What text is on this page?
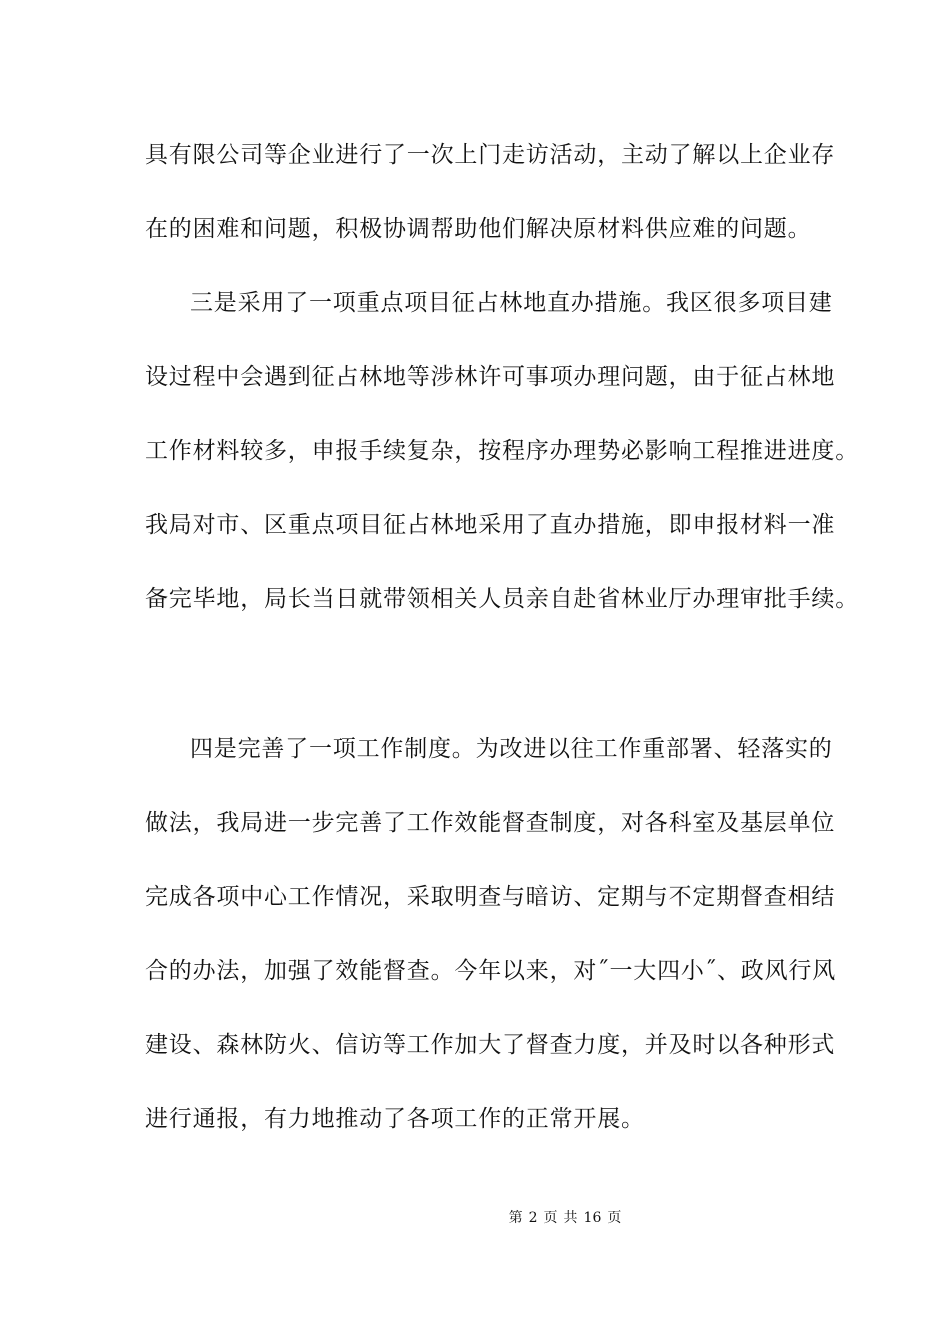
具有限公司等企业进行了一次上门走访活动，主动了解以上企业存
在的困难和问题，积极协调帮助他们解决原材料供应难的问题。
三是采用了一项重点项目征占林地直办措施。我区很多项目建
设过程中会遇到征占林地等涉林许可事项办理问题，由于征占林地
工作材料较多，申报手续复杂，按程序办理势必影响工程推进进度。
我局对市、区重点项目征占林地采用了直办措施，即申报材料一准
备完毕地，局长当日就带领相关人员亲自赴省林业厅办理审批手续。
四是完善了一项工作制度。为改进以往工作重部署、轻落实的
做法，我局进一步完善了工作效能督查制度，对各科室及基层单位
完成各项中心工作情况，采取明查与暗访、定期与不定期督查相结
合的办法，加强了效能督查。今年以来，对˝一大四小˝、政风行风
建设、森林防火、信访等工作加大了督查力度，并及时以各种形式
进行通报，有力地推动了各项工作的正常开展。
第 2 页 共 16 页
